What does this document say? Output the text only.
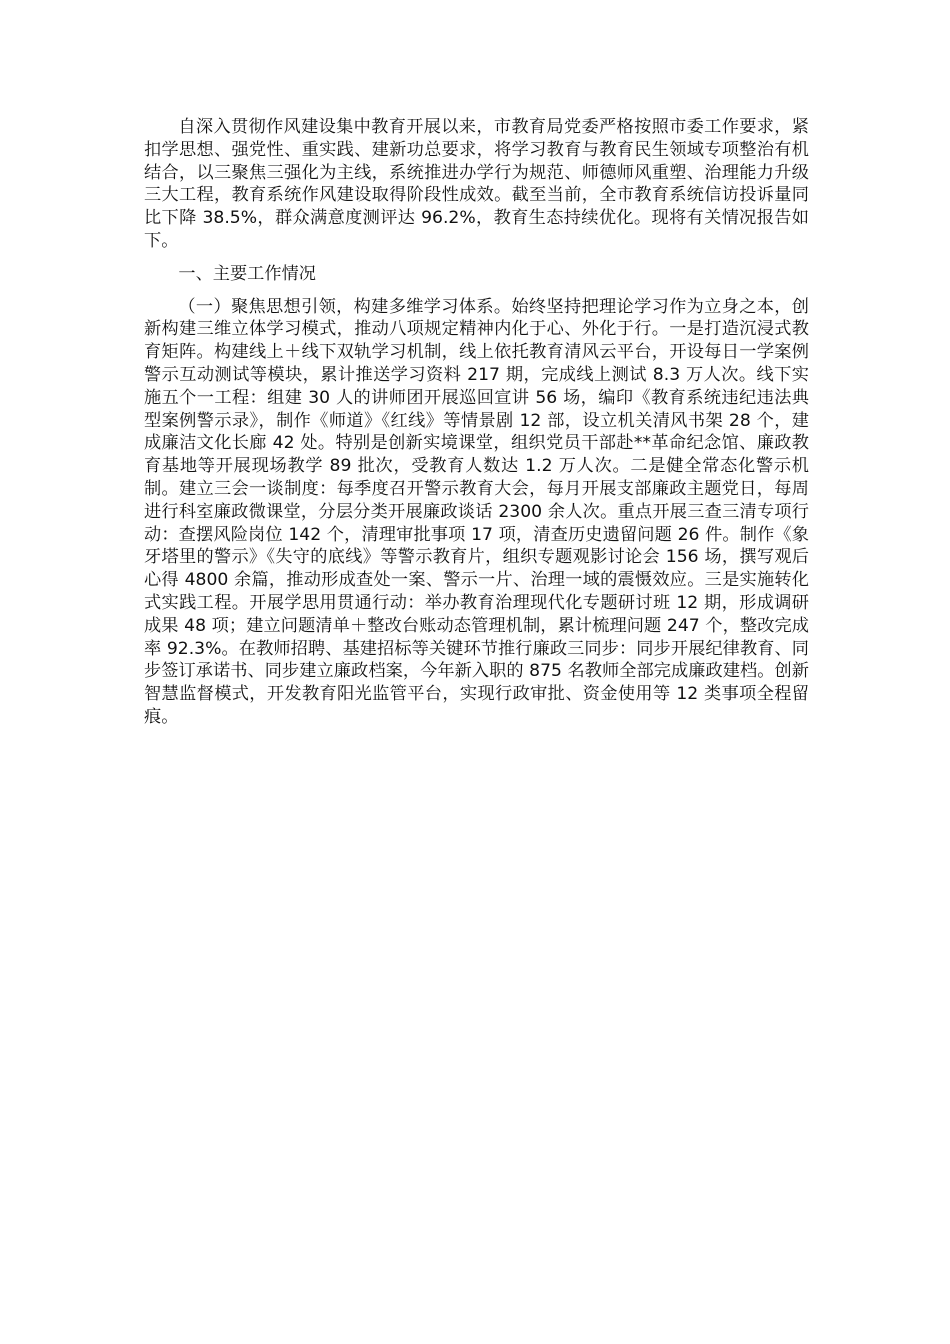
自深入贯彻作风建设集中教育开展以来，市教育局党委严格按照市委工作要求，紧扣学思想、强党性、重实践、建新功总要求，将学习教育与教育民生领域专项整治有机结合，以三聚焦三强化为主线，系统推进办学行为规范、师德师风重塑、治理能力升级三大工程，教育系统作风建设取得阶段性成效。截至当前，全市教育系统信访投诉量同比下降 38.5%，群众满意度测评达 96.2%，教育生态持续优化。现将有关情况报告如下。

一、主要工作情况

（一）聚焦思想引领，构建多维学习体系。始终坚持把理论学习作为立身之本，创新构建三维立体学习模式，推动八项规定精神内化于心、外化于行。一是打造沉浸式教育矩阵。构建线上＋线下双轨学习机制，线上依托教育清风云平台，开设每日一学案例警示互动测试等模块，累计推送学习资料 217 期，完成线上测试 8.3 万人次。线下实施五个一工程：组建 30 人的讲师团开展巡回宣讲 56 场，编印《教育系统违纪违法典型案例警示录》，制作《师道》《红线》等情景剧 12 部，设立机关清风书架 28 个，建成廉洁文化长廊 42 处。特别是创新实境课堂，组织党员干部赴**革命纪念馆、廉政教育基地等开展现场教学 89 批次，受教育人数达 1.2 万人次。二是健全常态化警示机制。建立三会一谈制度：每季度召开警示教育大会，每月开展支部廉政主题党日，每周进行科室廉政微课堂，分层分类开展廉政谈话 2300 余人次。重点开展三查三清专项行动：查摆风险岗位 142 个，清理审批事项 17 项，清查历史遗留问题 26 件。制作《象牙塔里的警示》《失守的底线》等警示教育片，组织专题观影讨论会 156 场，撰写观后心得 4800 余篇，推动形成查处一案、警示一片、治理一域的震慑效应。三是实施转化式实践工程。开展学思用贯通行动：举办教育治理现代化专题研讨班 12 期，形成调研成果 48 项；建立问题清单＋整改台账动态管理机制，累计梳理问题 247 个，整改完成率 92.3%。在教师招聘、基建招标等关键环节推行廉政三同步：同步开展纪律教育、同步签订承诺书、同步建立廉政档案，今年新入职的 875 名教师全部完成廉政建档。创新智慧监督模式，开发教育阳光监管平台，实现行政审批、资金使用等 12 类事项全程留痕。
